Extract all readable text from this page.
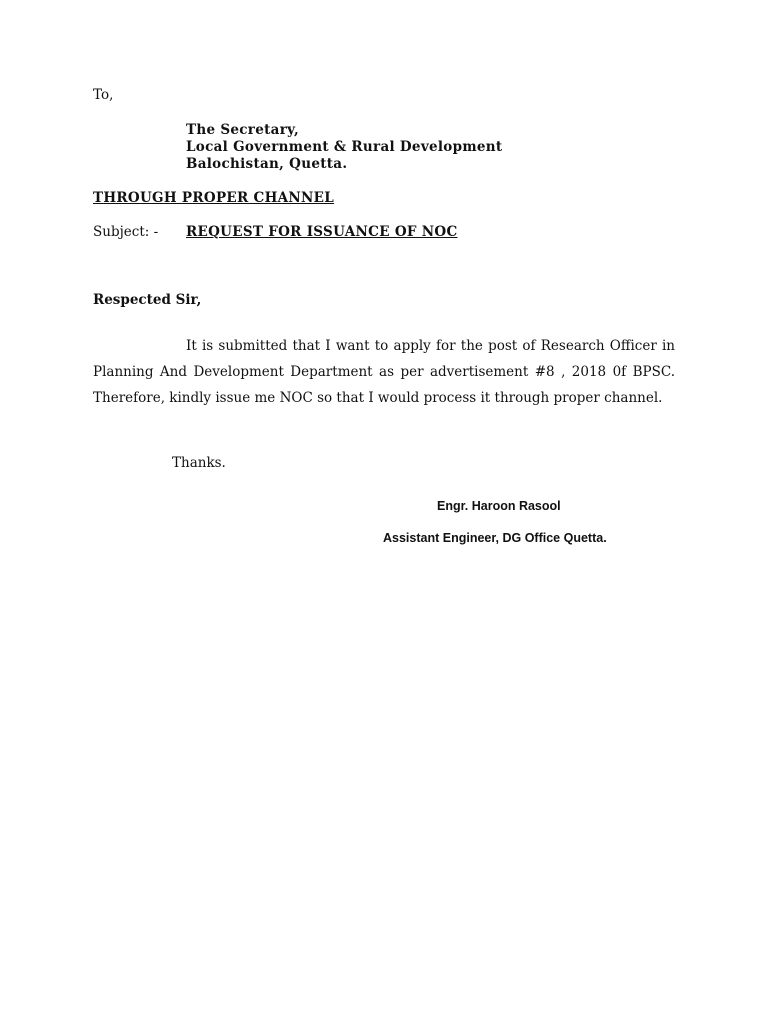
To,
The Secretary,
Local Government & Rural Development
Balochistan, Quetta.
THROUGH PROPER CHANNEL
Subject: - REQUEST FOR ISSUANCE OF NOC
Respected Sir,
It is submitted that I want to apply for the post of Research Officer in Planning And Development Department as per advertisement #8 , 2018 0f BPSC. Therefore, kindly issue me NOC so that I would process it through proper channel.
Thanks.
Engr. Haroon Rasool
Assistant Engineer, DG Office Quetta.
